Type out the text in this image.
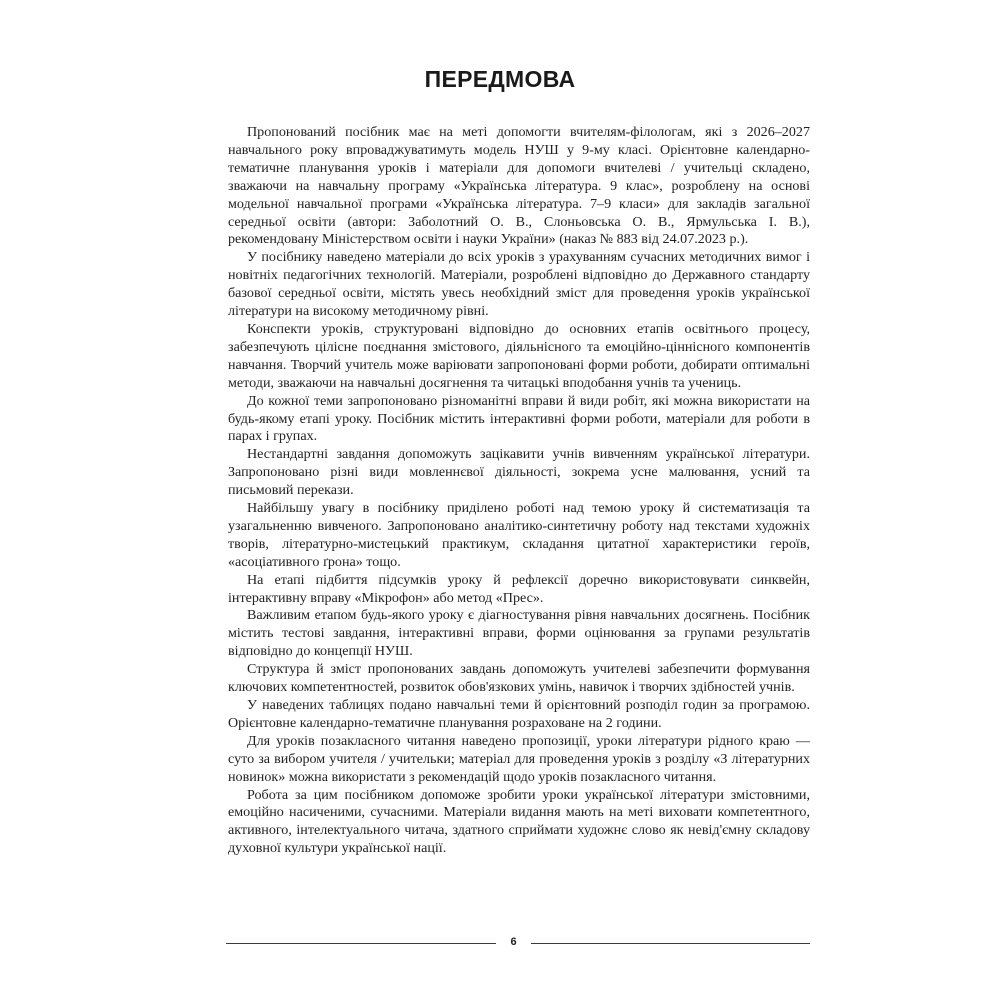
ПЕРЕДМОВА

Пропонований посібник має на меті допомогти вчителям-філологам, які з 2026–2027 навчального року впроваджуватимуть модель НУШ у 9-му класі. Орієнтовне календарно-тематичне планування уроків і матеріали для допомоги вчителеві / учительці складено, зважаючи на навчальну програму «Українська література. 9 клас», розроблену на основі модельної навчальної програми «Українська література. 7–9 класи» для закладів загальної середньої освіти (автори: Заболотний О. В., Слоньовська О. В., Ярмульська І. В.), рекомендовану Міністерством освіти і науки України» (наказ № 883 від 24.07.2023 р.).

У посібнику наведено матеріали до всіх уроків з урахуванням сучасних методичних вимог і новітніх педагогічних технологій. Матеріали, розроблені відповідно до Державного стандарту базової середньої освіти, містять увесь необхідний зміст для проведення уроків української літератури на високому методичному рівні.

Конспекти уроків, структуровані відповідно до основних етапів освітнього процесу, забезпечують цілісне поєднання змістового, діяльнісного та емоційно-ціннісного компонентів навчання. Творчий учитель може варіювати запропоновані форми роботи, добирати оптимальні методи, зважаючи на навчальні досягнення та читацькі вподобання учнів та учениць.

До кожної теми запропоновано різноманітні вправи й види робіт, які можна використати на будь-якому етапі уроку. Посібник містить інтерактивні форми роботи, матеріали для роботи в парах і групах.

Нестандартні завдання допоможуть зацікавити учнів вивченням української літератури. Запропоновано різні види мовленнєвої діяльності, зокрема усне малювання, усний та письмовий перекази.

Найбільшу увагу в посібнику приділено роботі над темою уроку й систематизація та узагальненню вивченого. Запропоновано аналітико-синтетичну роботу над текстами художніх творів, літературно-мистецький практикум, складання цитатної характеристики героїв, «асоціативного ґрона» тощо.

На етапі підбиття підсумків уроку й рефлексії доречно використовувати синквейн, інтерактивну вправу «Мікрофон» або метод «Прес».

Важливим етапом будь-якого уроку є діагностування рівня навчальних досягнень. Посібник містить тестові завдання, інтерактивні вправи, форми оцінювання за групами результатів відповідно до концепції НУШ.

Структура й зміст пропонованих завдань допоможуть учителеві забезпечити формування ключових компетентностей, розвиток обов'язкових умінь, навичок і творчих здібностей учнів.

У наведених таблицях подано навчальні теми й орієнтовний розподіл годин за програмою. Орієнтовне календарно-тематичне планування розраховане на 2 години.

Для уроків позакласного читання наведено пропозиції, уроки літератури рідного краю — суто за вибором учителя / учительки; матеріал для проведення уроків з розділу «З літературних новинок» можна використати з рекомендацій щодо уроків позакласного читання.

Робота за цим посібником допоможе зробити уроки української літератури змістовними, емоційно насиченими, сучасними. Матеріали видання мають на меті виховати компетентного, активного, інтелектуального читача, здатного сприймати художнє слово як невід'ємну складову духовної культури української нації.

6
